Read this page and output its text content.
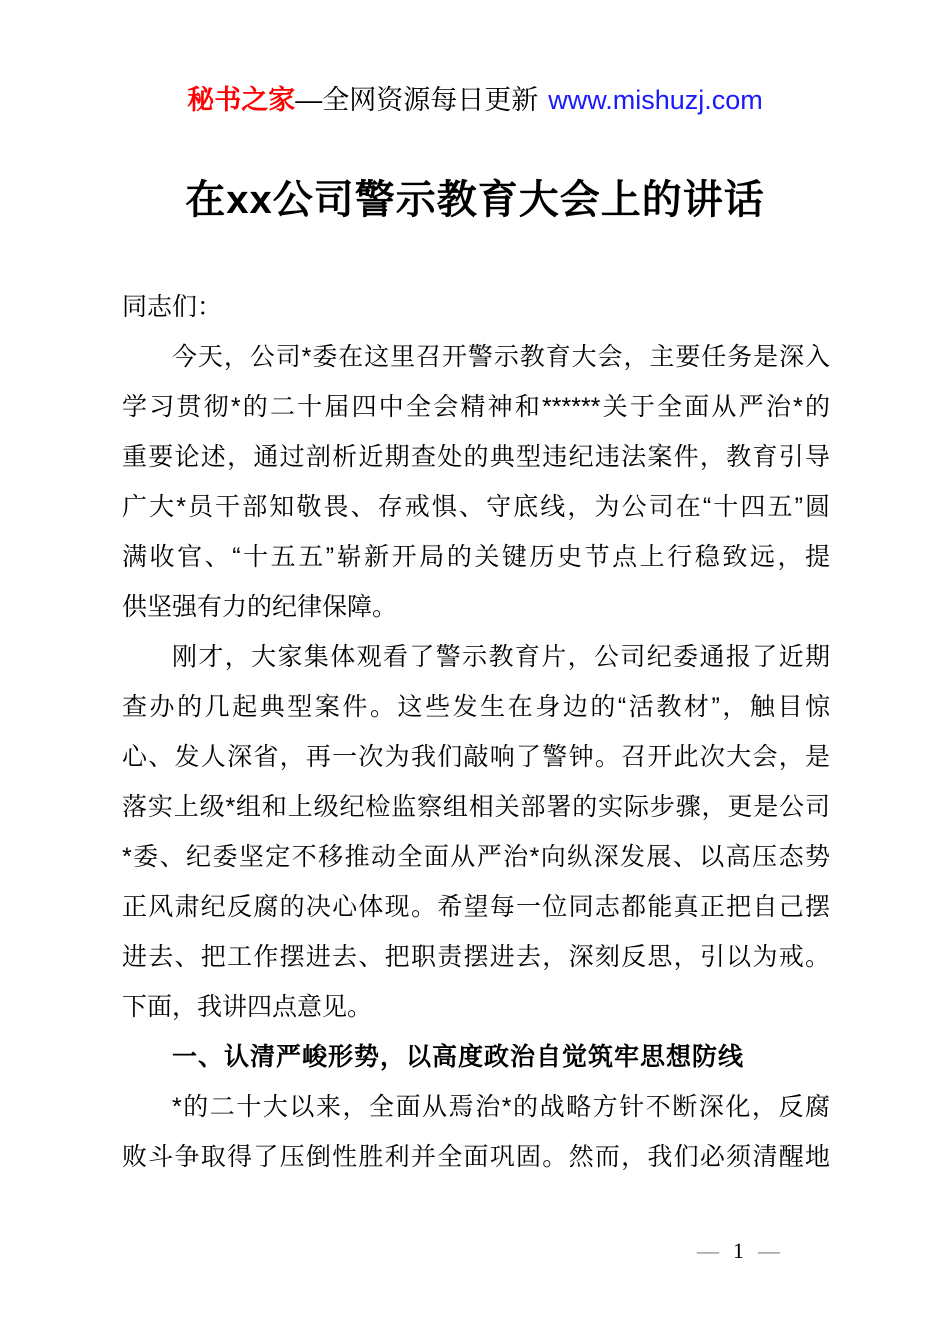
秘书之家—全网资源每日更新 www.mishuzj.com
在xx公司警示教育大会上的讲话
同志们：
今天，公司*委在这里召开警示教育大会，主要任务是深入
学习贯彻*的二十届四中全会精神和******关于全面从严治*的
重要论述，通过剖析近期查处的典型违纪违法案件，教育引导
广大*员干部知敬畏、存戒惧、守底线，为公司在“十四五”圆
满收官、“十五五”崭新开局的关键历史节点上行稳致远，提
供坚强有力的纪律保障。
刚才，大家集体观看了警示教育片，公司纪委通报了近期
查办的几起典型案件。这些发生在身边的“活教材”，触目惊
心、发人深省，再一次为我们敲响了警钟。召开此次大会，是
落实上级*组和上级纪检监察组相关部署的实际步骤，更是公司
*委、纪委坚定不移推动全面从严治*向纵深发展、以高压态势
正风肃纪反腐的决心体现。希望每一位同志都能真正把自己摆
进去、把工作摆进去、把职责摆进去，深刻反思，引以为戒。
下面，我讲四点意见。
一、认清严峻形势，以高度政治自觉筑牢思想防线
*的二十大以来，全面从焉治*的战略方针不断深化，反腐
败斗争取得了压倒性胜利并全面巩固。然而，我们必须清醒地
— 1 —
